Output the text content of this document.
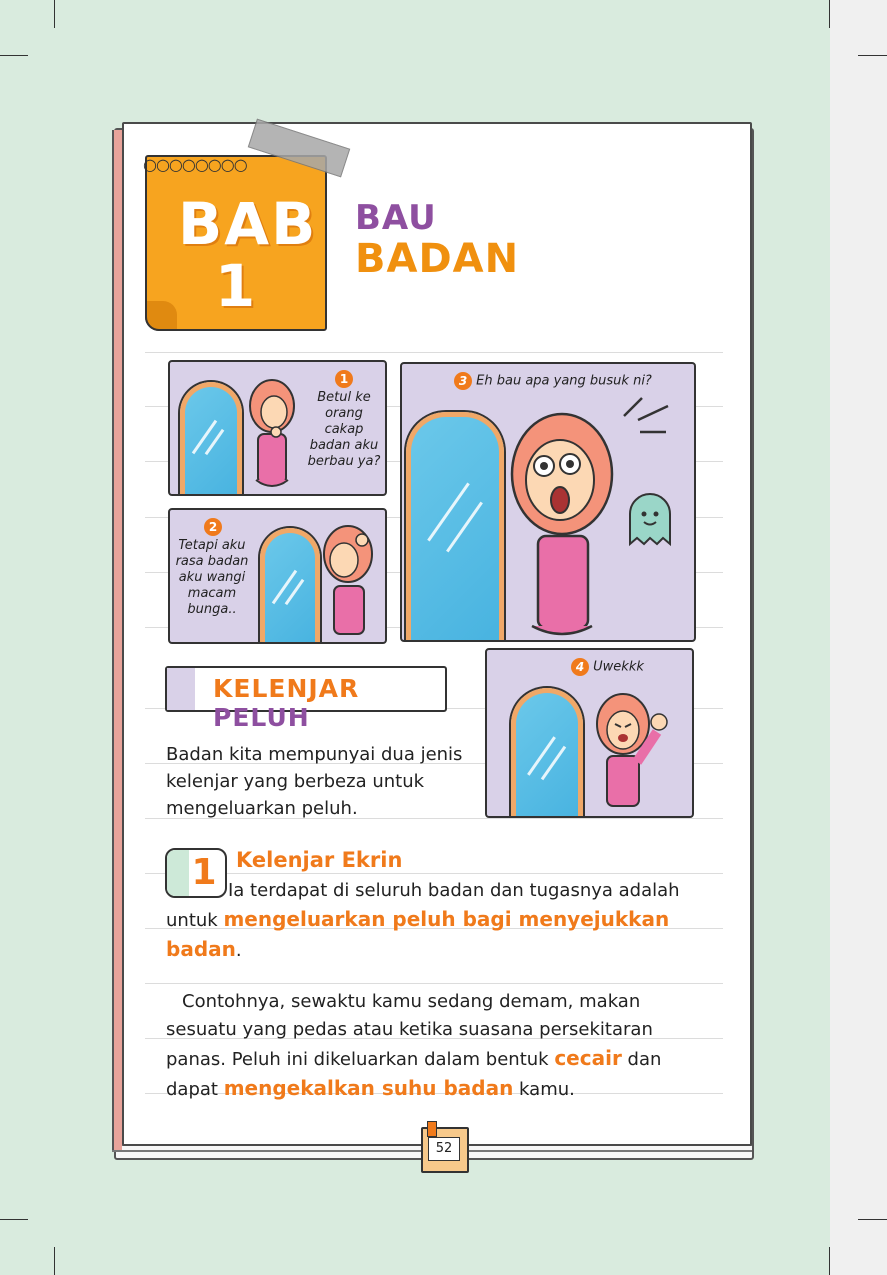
○○○○○○○○
BAB
1
BAU
BADAN
1
Betul ke orang cakap badan aku berbau ya?
2
Tetapi aku rasa badan aku wangi macam bunga..
3 Eh bau apa yang busuk ni?
4 Uwekkk
KELENJAR PELUH
Badan kita mempunyai dua jenis kelenjar yang berbeza untuk mengeluarkan peluh.
1 Kelenjar Ekrin
Ia terdapat di seluruh badan dan tugasnya adalah untuk mengeluarkan peluh bagi menyejukkan badan.
Contohnya, sewaktu kamu sedang demam, makan sesuatu yang pedas atau ketika suasana persekitaran panas. Peluh ini dikeluarkan dalam bentuk cecair dan dapat mengekalkan suhu badan kamu.
52
